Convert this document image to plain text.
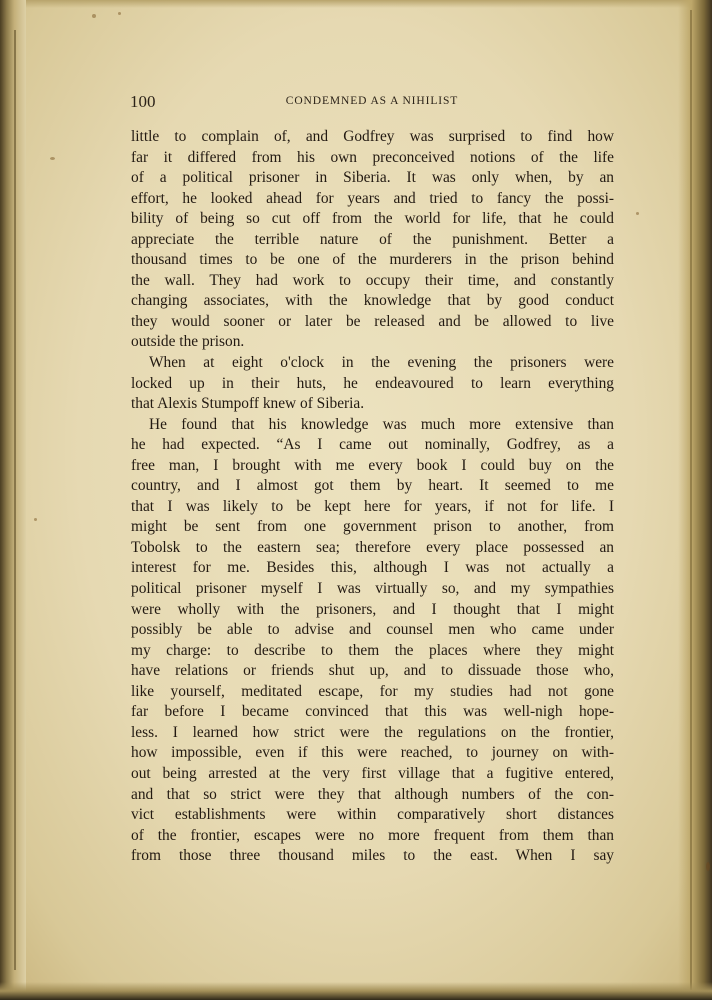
100	CONDEMNED AS A NIHILIST
little to complain of, and Godfrey was surprised to find how
far it differed from his own preconceived notions of the life
of a political prisoner in Siberia. It was only when, by an
effort, he looked ahead for years and tried to fancy the possi-
bility of being so cut off from the world for life, that he could
appreciate the terrible nature of the punishment. Better a
thousand times to be one of the murderers in the prison behind
the wall. They had work to occupy their time, and constantly
changing associates, with the knowledge that by good conduct
they would sooner or later be released and be allowed to live
outside the prison.
When at eight o'clock in the evening the prisoners were
locked up in their huts, he endeavoured to learn everything
that Alexis Stumpoff knew of Siberia.
He found that his knowledge was much more extensive than
he had expected. “As I came out nominally, Godfrey, as a
free man, I brought with me every book I could buy on the
country, and I almost got them by heart. It seemed to me
that I was likely to be kept here for years, if not for life. I
might be sent from one government prison to another, from
Tobolsk to the eastern sea; therefore every place possessed an
interest for me. Besides this, although I was not actually a
political prisoner myself I was virtually so, and my sympathies
were wholly with the prisoners, and I thought that I might
possibly be able to advise and counsel men who came under
my charge: to describe to them the places where they might
have relations or friends shut up, and to dissuade those who,
like yourself, meditated escape, for my studies had not gone
far before I became convinced that this was well-nigh hope-
less. I learned how strict were the regulations on the frontier,
how impossible, even if this were reached, to journey on with-
out being arrested at the very first village that a fugitive entered,
and that so strict were they that although numbers of the con-
vict establishments were within comparatively short distances
of the frontier, escapes were no more frequent from them than
from those three thousand miles to the east. When I say
